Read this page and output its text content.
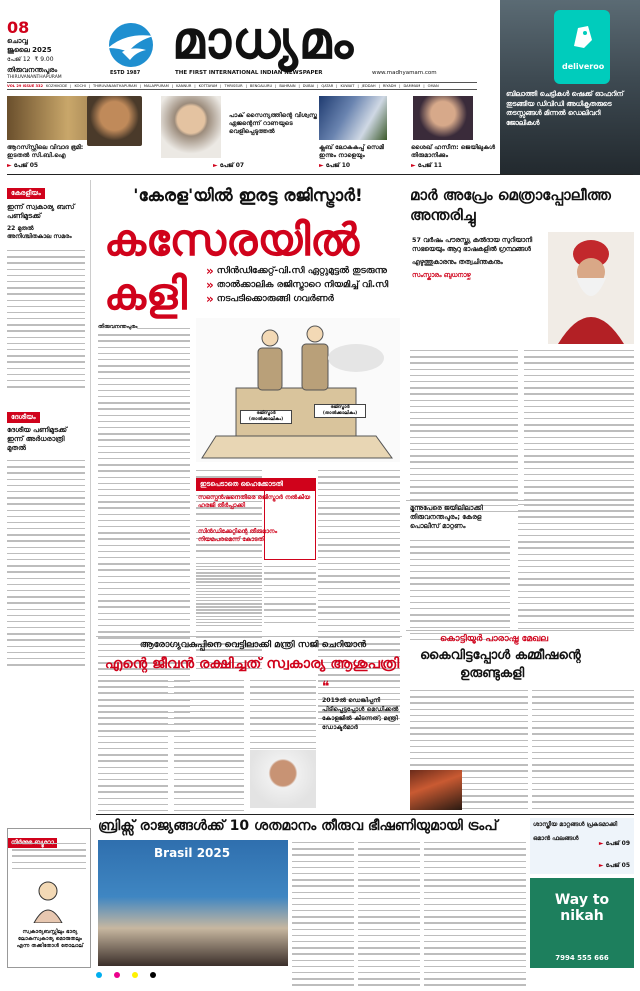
08
ചൊവ്വ
ജൂലൈ 2025
പേജ് 12 ₹ 9.00
തിരുവനന്തപുരം
THIRUVANANTHAPURAM
ESTD 1987
മാധ്യമം
THE FIRST INTERNATIONAL INDIAN NEWSPAPER	www.madhyamam.com
VOL 29 ISSUE 332 KOZHIKODE | KOCHI | THIRUVANANTHAPURAM | MALAPPURAM | KANNUR | KOTTAYAM | THRISSUR | BENGALURU | BAHRAIN | DUBAI | QATAR | KUWAIT | JEDDAH | RIYADH | DAMMAM | OMAN
deliveroo
ബിലാത്തി ചെട്ടികൾ ഷെക്ക് ഓഫറിന് തുടങ്ങിയ ഡിവിഡി അധികൃതരുടെ തടസ്സങ്ങൾ മിന്നൽ ഡെലിവറി ജോലികൾ
ആറസ്സ്റ്റിലെ വിവാദ ഭൂമി: ഇടതൽ സി.ബി.ഐ
► പേജ് 05
പാക് സൈന്യത്തിന്റെ വിശ്വസ്ത ഏജന്റെന്ന് റാണയുടെ വെളിപ്പെടുത്തൽ
► പേജ് 07
ക്ലബ് ലോകകപ്പ് സെമി ഇന്നും നാളെയും
► പേജ് 10
ശൈഖ് ഹസീന: ജെയിലുകൾ തിരുമാനിക്കും
► പേജ് 11
കേരളീയം
ഇന്ന് സ്വകാര്യ ബസ് പണിമുടക്ക്
22 മുതൽ അനിശ്ചിതകാല സമരം
ദേശീയം
ദേശീയ പണിമുടക്ക് ഇന്ന് അർധരാത്രി മുതൽ
സ്വകാര്യബസ്സിലും ഭാര്യ ലോകസ്വകാര്യ മൊരുതലും എന്ന തക്കിതോൾ തോലാല്
'കേരള'യിൽ ഇരട്ട രജിസ്ട്രാർ!
കസേരയിൽ
കളി
»	സിൻഡിക്കേറ്റ്-വി.സി ഏറ്റുമുട്ടൽ തുടരുന്നു
» താൽക്കാലിക രജിസ്ട്രാറെ നിയമിച്ച് വി.സി
» നടപടിക്കൊരുങ്ങി ഗവർണർ
തിരുവനന്തപുരം
രജിസ്ട്രാർ (താൽക്കാലികം)
രജിസ്ട്രാർ (താൽക്കാലികം)
ഇടപെടാതെ ഹൈക്കോടതി
സസ്പെൻഷനെതിരെ രജിസ്ട്രാർ നൽകിയ ഹരജി തീർപ്പാക്കി
സിൻഡിക്കേറ്റിന്റെ തീരുമാനം നിയമപരമെന്ന് കോടതി
മാർ അപ്രേം മെത്രാപ്പോലീത്ത
അന്തരിച്ചു
57 വർഷം പൗരസ്ത്യ കൽദായ സുറിയാനി സഭയെയും ആറു ഭാഷകളിൽ ഗ്രന്ഥങ്ങൾ
എഴുത്തുകാരനും തത്വചിന്തകനും
സംസ്കാരം ബുധനാഴ്ച
മൂന്നുപേരെ ജയിലിലാക്കി തിരുവനന്തപുരം; കേരള പൊലീസ് മാറ്റണം
കൊട്ടിയൂർ പാരാഷ്ട്ര മേഖല
കൈവിട്ടപ്പോൾ കമ്മീഷന്റെ
ഉരുണ്ടുകളി
ആരോഗ്യവകുപ്പിനെ വെട്ടിലാക്കി മന്ത്രി സജി ചെറിയാൻ
എന്റെ ജീവൻ രക്ഷിച്ചത് സ്വകാര്യ ആശുപത്രി
❝
2019ൽ ഡെങ്കിപ്പനി പിടിപ്പെട്ടപ്പോൾ മെഡിക്കൽ കോളജിൽ കിടന്നത്; മന്ത്രി ഡോക്ടർമാർ
ബ്രിക്സ് രാജ്യങ്ങൾക്ക് 10 ശതമാനം തീരുവ ഭീഷണിയുമായി ട്രംപ്
Brasil 2025
ശാസ്ത്രീയ മാറ്റങ്ങൾ പ്രകടമാക്കി
► പേജ് 09
ഒമാൻ ഫലങ്ങൾ
► പേജ് 05
Way to nikah
7994 555 666
